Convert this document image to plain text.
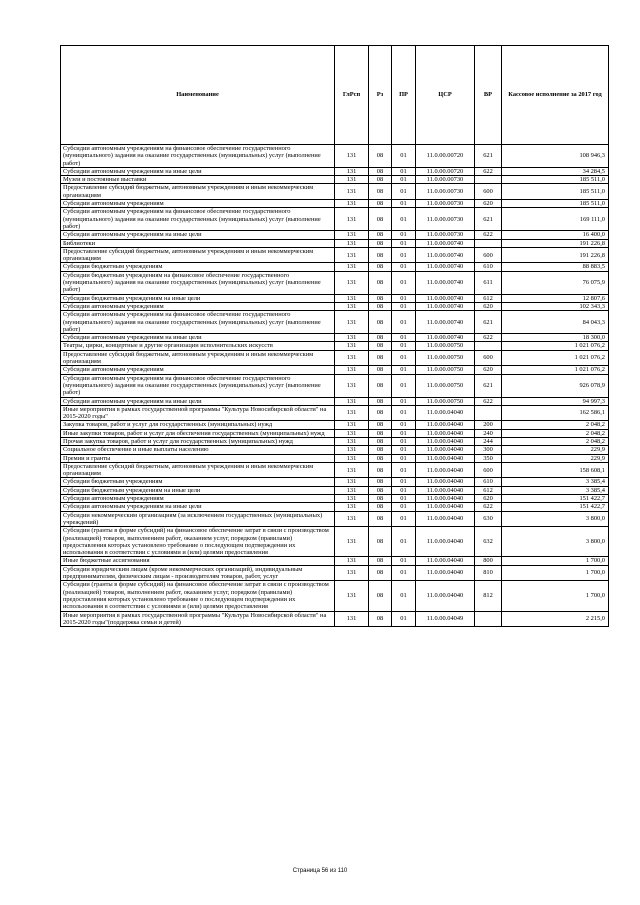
Наименование	ГлРсп	Рз	ПР	ЦСР	ВР	Кассовое исполнение за 2017 год
Субсидии автономным учреждениям на финансовое обеспечение государственного (муниципального) задания на оказание государственных (муниципальных) услуг (выполнение работ)	131	08	01	11.0.00.00720	621	108 946,3
Субсидии автономным учреждениям на иные цели	131	08	01	11.0.00.00720	622	34 284,5
Музеи и постоянные выставки	131	08	01	11.0.00.00730		185 511,0
Предоставление субсидий бюджетным, автономным учреждениям и иным некоммерческим организациям	131	08	01	11.0.00.00730	600	185 511,0
Субсидии автономным учреждениям	131	08	01	11.0.00.00730	620	185 511,0
Субсидии автономным учреждениям на финансовое обеспечение государственного (муниципального) задания на оказание государственных (муниципальных) услуг (выполнение работ)	131	08	01	11.0.00.00730	621	169 111,0
Субсидии автономным учреждениям на иные цели	131	08	01	11.0.00.00730	622	16 400,0
Библиотеки	131	08	01	11.0.00.00740		191 226,8
Предоставление субсидий бюджетным, автономным учреждениям и иным некоммерческим организациям	131	08	01	11.0.00.00740	600	191 226,8
Субсидии бюджетным учреждениям	131	08	01	11.0.00.00740	610	88 883,5
Субсидии бюджетным учреждениям на финансовое обеспечение государственного (муниципального) задания на оказание государственных (муниципальных) услуг (выполнение работ)	131	08	01	11.0.00.00740	611	76 075,9
Субсидии бюджетным учреждениям на иные цели	131	08	01	11.0.00.00740	612	12 807,6
Субсидии автономным учреждениям	131	08	01	11.0.00.00740	620	102 343,3
Субсидии автономным учреждениям на финансовое обеспечение государственного (муниципального) задания на оказание государственных (муниципальных) услуг (выполнение работ)	131	08	01	11.0.00.00740	621	84 043,3
Субсидии автономным учреждениям на иные цели	131	08	01	11.0.00.00740	622	18 300,0
Театры, цирки, концертные и другие организации исполнительских искусств	131	08	01	11.0.00.00750		1 021 076,2
Предоставление субсидий бюджетным, автономным учреждениям и иным некоммерческим организациям	131	08	01	11.0.00.00750	600	1 021 076,2
Субсидии автономным учреждениям	131	08	01	11.0.00.00750	620	1 021 076,2
Субсидии автономным учреждениям на финансовое обеспечение государственного (муниципального) задания на оказание государственных (муниципальных) услуг (выполнение работ)	131	08	01	11.0.00.00750	621	926 078,9
Субсидии автономным учреждениям на иные цели	131	08	01	11.0.00.00750	622	94 997,3
Иные мероприятия в рамках государственной программы "Культура Новосибирской области" на 2015-2020 годы"	131	08	01	11.0.00.04040		162 586,1
Закупка товаров, работ и услуг для государственных (муниципальных) нужд	131	08	01	11.0.00.04040	200	2 048,2
Иные закупки товаров, работ и услуг для обеспечения государственных (муниципальных) нужд	131	08	01	11.0.00.04040	240	2 048,2
Прочая закупка товаров, работ и услуг для государственных (муниципальных) нужд	131	08	01	11.0.00.04040	244	2 048,2
Социальное обеспечение и иные выплаты населению	131	08	01	11.0.00.04040	300	229,9
Премии и гранты	131	08	01	11.0.00.04040	350	229,9
Предоставление субсидий бюджетным, автономным учреждениям и иным некоммерческим организациям	131	08	01	11.0.00.04040	600	158 608,1
Субсидии бюджетным учреждениям	131	08	01	11.0.00.04040	610	3 385,4
Субсидии бюджетным учреждениям на иные цели	131	08	01	11.0.00.04040	612	3 385,4
Субсидии автономным учреждениям	131	08	01	11.0.00.04040	620	151 422,7
Субсидии автономным учреждениям на иные цели	131	08	01	11.0.00.04040	622	151 422,7
Субсидии некоммерческим организациям (за исключением государственных (муниципальных) учреждений)	131	08	01	11.0.00.04040	630	3 800,0
Субсидии (гранты в форме субсидий) на финансовое обеспечение затрат в связи с производством (реализацией) товаров, выполнением работ, оказанием услуг, порядком (правилами) предоставления которых установлено требование о последующем подтверждении их использования в соответствии с условиями и (или) целями предоставления	131	08	01	11.0.00.04040	632	3 800,0
Иные бюджетные ассигнования	131	08	01	11.0.00.04040	800	1 700,0
Субсидии юридическим лицам (кроме некоммерческих организаций), индивидуальным предпринимателям, физическим лицам - производителям товаров, работ, услуг	131	08	01	11.0.00.04040	810	1 700,0
Субсидии (гранты в форме субсидий) на финансовое обеспечение затрат в связи с производством (реализацией) товаров, выполнением работ, оказанием услуг, порядком (правилами) предоставления которых установлено требование о последующем подтверждении их использования в соответствии с условиями и (или) целями предоставления	131	08	01	11.0.00.04040	812	1 700,0
Иные мероприятия в рамках государственной программы "Культура Новосибирской области" на 2015-2020 годы"(поддержка семьи и детей)	131	08	01	11.0.00.04049		2 215,0
Страница 56 из 110
